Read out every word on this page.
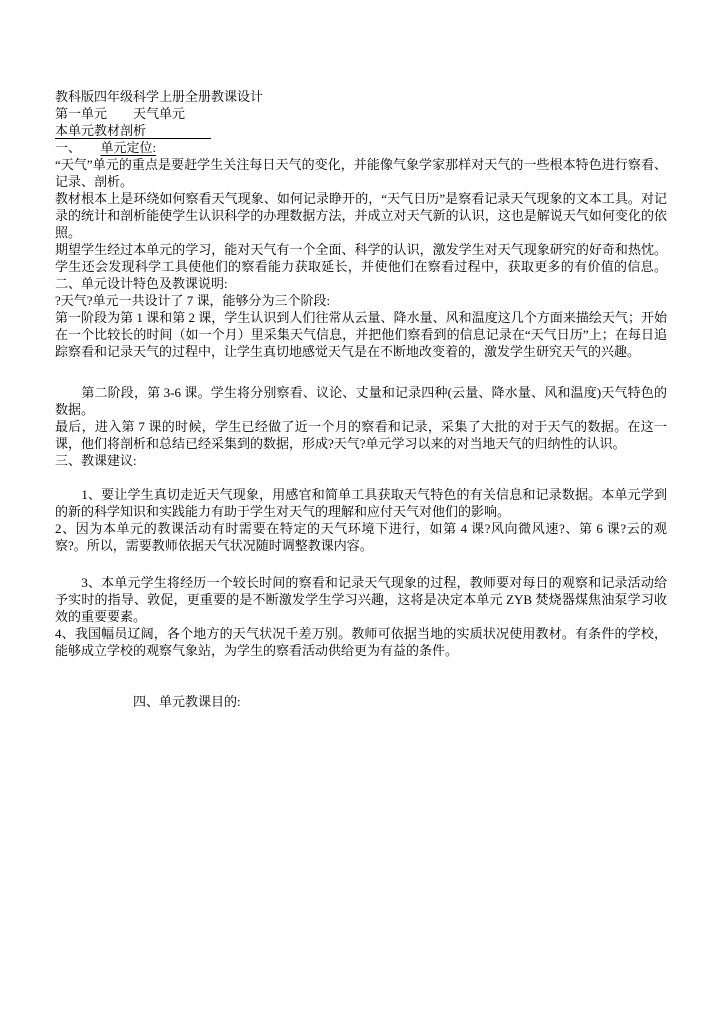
教科版四年级科学上册全册教课设计

第一单元　　天气单元

本单元教材剖析　　　　　

一、　　单元定位:

“天气”单元的重点是要赶学生关注每日天气的变化，并能像气象学家那样对天气的一些根本特色进行察看、记录、剖析。

教材根本上是环绕如何察看天气现象、如何记录睁开的，“天气日历”是察看记录天气现象的文本工具。对记录的统计和剖析能使学生认识科学的办理数据方法，并成立对天气新的认识，这也是解说天气如何变化的依照。

期望学生经过本单元的学习，能对天气有一个全面、科学的认识，激发学生对天气现象研究的好奇和热忱。学生还会发现科学工具使他们的察看能力获取延长，并使他们在察看过程中，获取更多的有价值的信息。二、单元设计特色及教课说明:

?天气?单元一共设计了 7 课，能够分为三个阶段:

第一阶段为第 1 课和第 2 课，学生认识到人们往常从云量、降水量、风和温度这几个方面来描绘天气；开始在一个比较长的时间（如一个月）里采集天气信息，并把他们察看到的信息记录在“天气日历”上；在每日追踪察看和记录天气的过程中，让学生真切地感觉天气是在不断地改变着的，激发学生研究天气的兴趣。

　　第二阶段，第 3-6 课。学生将分别察看、议论、丈量和记录四种(云量、降水量、风和温度)天气特色的数据。

最后，进入第 7 课的时候，学生已经做了近一个月的察看和记录，采集了大批的对于天气的数据。在这一课，他们将剖析和总结已经采集到的数据，形成?天气?单元学习以来的对当地天气的归纳性的认识。

三、教课建议:

　　1、要让学生真切走近天气现象，用感官和简单工具获取天气特色的有关信息和记录数据。本单元学到的新的科学知识和实践能力有助于学生对天气的理解和应付天气对他们的影响。

2、因为本单元的教课活动有时需要在特定的天气环境下进行，如第 4 课?风向微风速?、第 6 课?云的观察?。所以，需要教师依据天气状况随时调整教课内容。

　　3、本单元学生将经历一个较长时间的察看和记录天气现象的过程，教师要对每日的观察和记录活动给予实时的指导、敦促，更重要的是不断激发学生学习兴趣，这将是决定本单元 ZYB 焚烧器煤焦油泵学习收效的重要要素。

4、我国幅员辽阔，各个地方的天气状况千差万别。教师可依据当地的实质状况使用教材。有条件的学校，能够成立学校的观察气象站，为学生的察看活动供给更为有益的条件。

　　　　　　四、单元教课目的:
